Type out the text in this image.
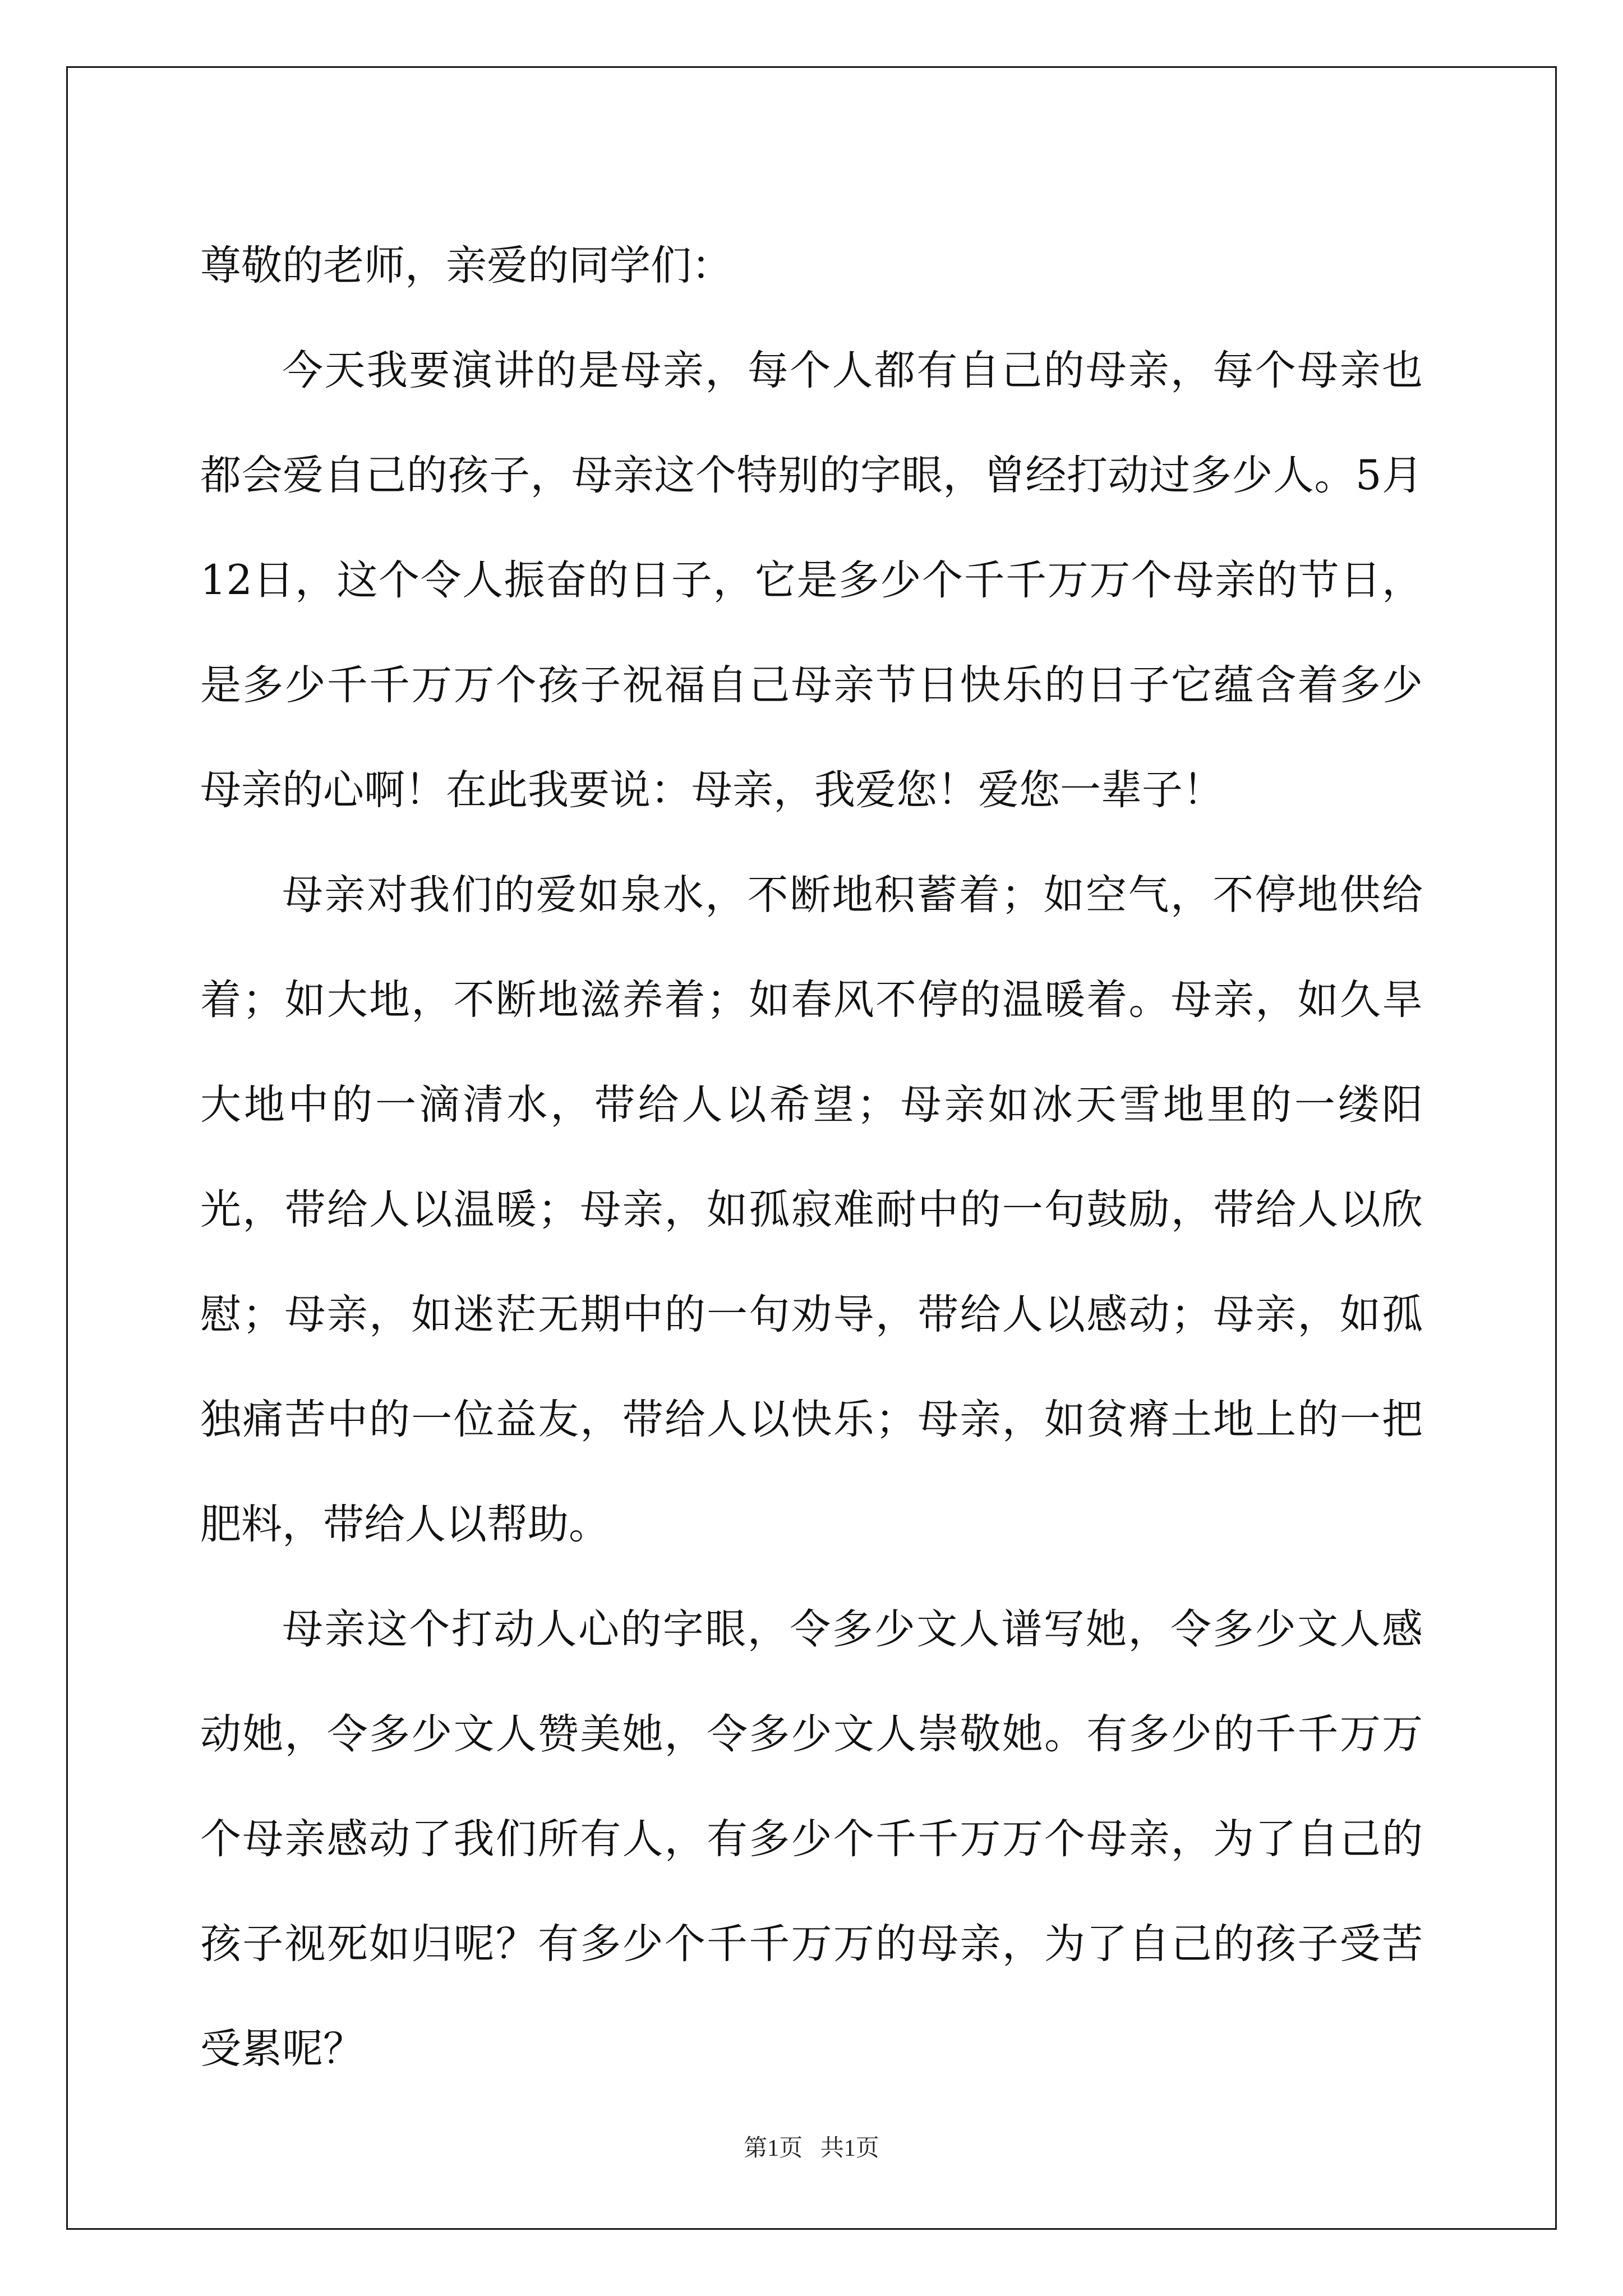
尊敬的老师，亲爱的同学们：

今天我要演讲的是母亲，每个人都有自己的母亲，每个母亲也都会爱自己的孩子，母亲这个特别的字眼，曾经打动过多少人。5月12日，这个令人振奋的日子，它是多少个千千万万个母亲的节日，是多少千千万万个孩子祝福自己母亲节日快乐的日子它蕴含着多少母亲的心啊！在此我要说：母亲，我爱您！爱您一辈子！

母亲对我们的爱如泉水，不断地积蓄着；如空气，不停地供给着；如大地，不断地滋养着；如春风不停的温暖着。母亲，如久旱大地中的一滴清水，带给人以希望；母亲如冰天雪地里的一缕阳光，带给人以温暖；母亲，如孤寂难耐中的一句鼓励，带给人以欣慰；母亲，如迷茫无期中的一句劝导，带给人以感动；母亲，如孤独痛苦中的一位益友，带给人以快乐；母亲，如贫瘠土地上的一把肥料，带给人以帮助。

母亲这个打动人心的字眼，令多少文人谱写她，令多少文人感动她，令多少文人赞美她，令多少文人崇敬她。有多少的千千万万个母亲感动了我们所有人，有多少个千千万万个母亲，为了自己的孩子视死如归呢？有多少个千千万万的母亲，为了自己的孩子受苦受累呢？

第1页   共1页
